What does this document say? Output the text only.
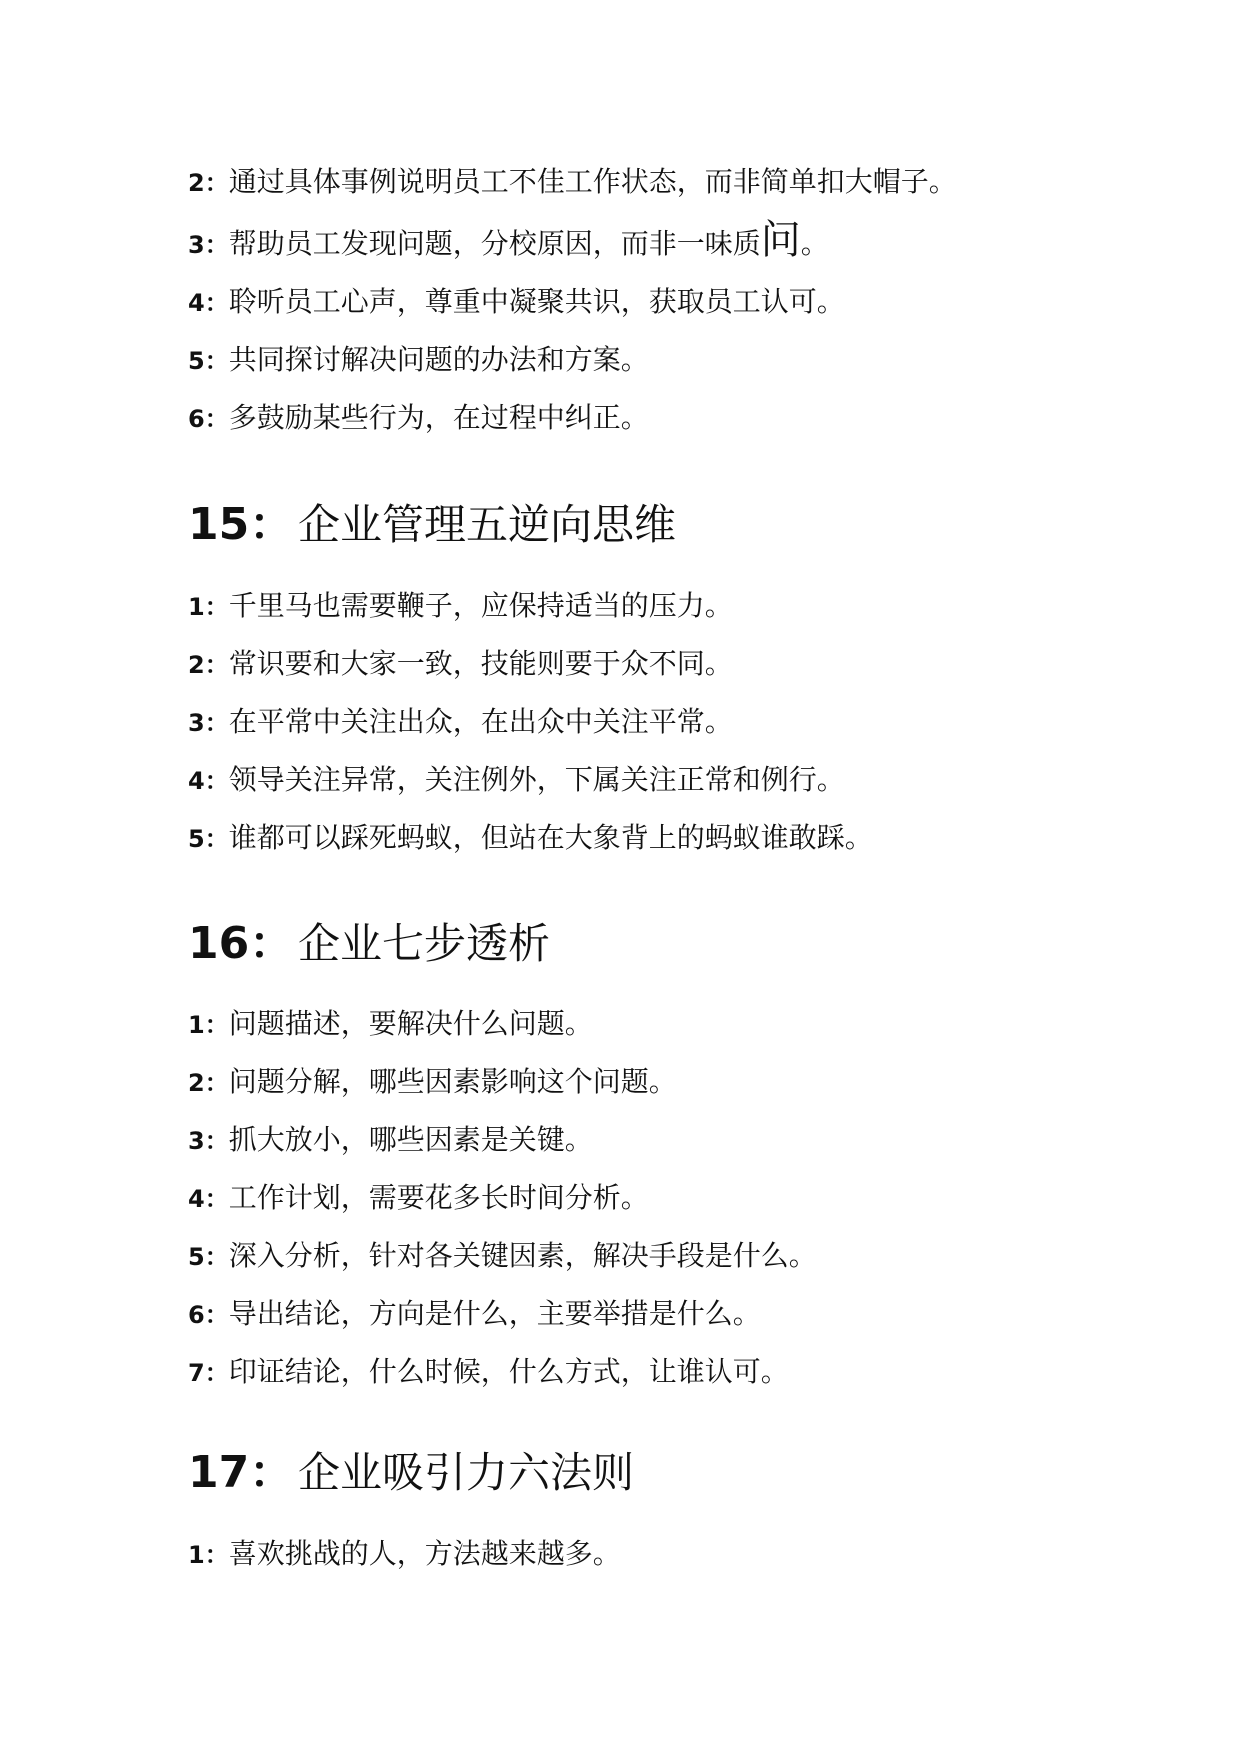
2：通过具体事例说明员工不佳工作状态，而非简单扣大帽子。
3：帮助员工发现问题，分校原因，而非一味质问。
4：聆听员工心声，尊重中凝聚共识，获取员工认可。
5：共同探讨解决问题的办法和方案。
6：多鼓励某些行为，在过程中纠正。
15： 企业管理五逆向思维
1：千里马也需要鞭子，应保持适当的压力。
2：常识要和大家一致，技能则要于众不同。
3：在平常中关注出众，在出众中关注平常。
4：领导关注异常，关注例外，下属关注正常和例行。
5：谁都可以踩死蚂蚁，但站在大象背上的蚂蚁谁敢踩。
16： 企业七步透析
1：问题描述，要解决什么问题。
2：问题分解，哪些因素影响这个问题。
3：抓大放小，哪些因素是关键。
4：工作计划，需要花多长时间分析。
5：深入分析，针对各关键因素，解决手段是什么。
6：导出结论，方向是什么，主要举措是什么。
7：印证结论，什么时候，什么方式，让谁认可。
17： 企业吸引力六法则
1：喜欢挑战的人，方法越来越多。
